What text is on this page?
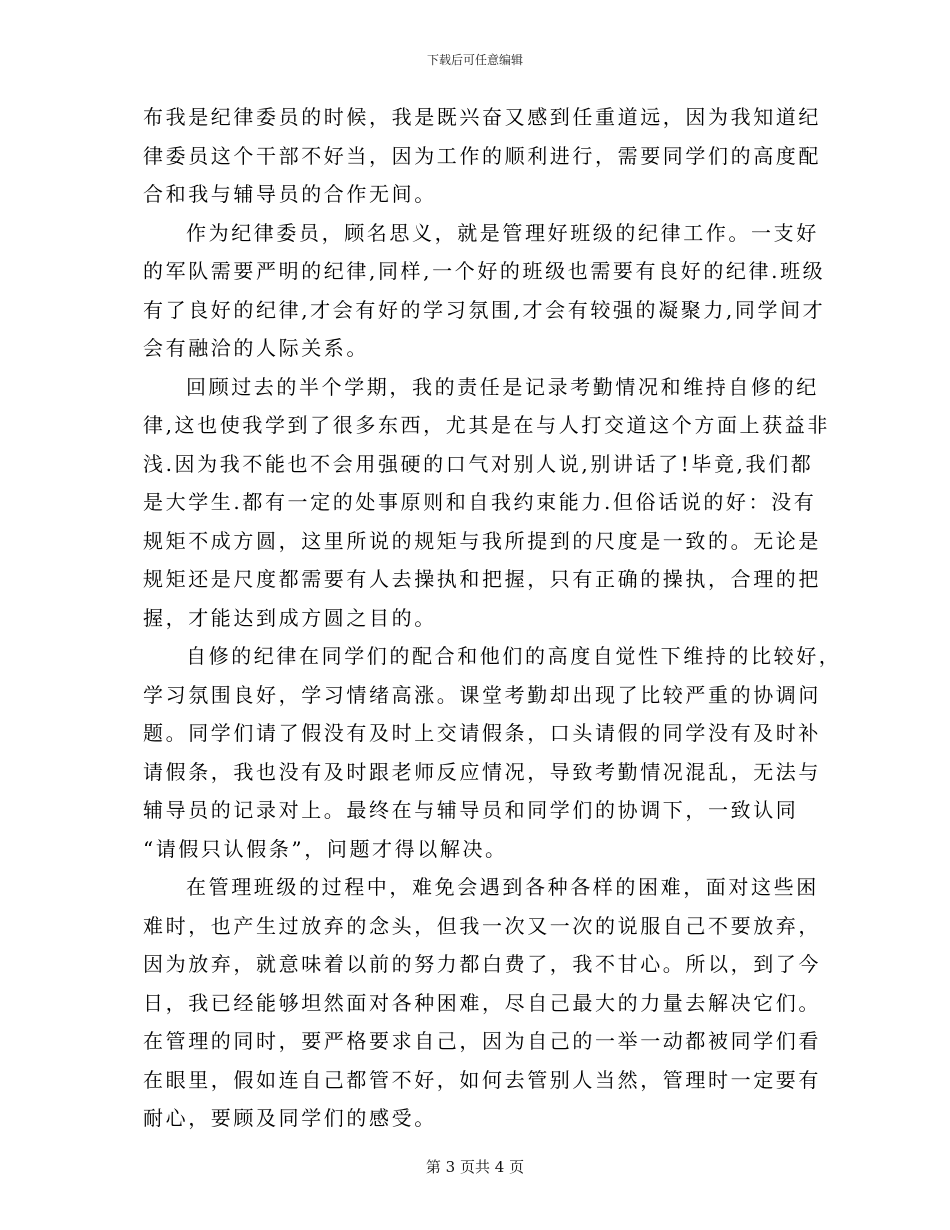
下载后可任意编辑
布我是纪律委员的时候，我是既兴奋又感到任重道远，因为我知道纪
律委员这个干部不好当，因为工作的顺利进行，需要同学们的高度配
合和我与辅导员的合作无间。
作为纪律委员，顾名思义，就是管理好班级的纪律工作。一支好
的军队需要严明的纪律,同样,一个好的班级也需要有良好的纪律.班级
有了良好的纪律,才会有好的学习氛围,才会有较强的凝聚力,同学间才
会有融洽的人际关系。
回顾过去的半个学期，我的责任是记录考勤情况和维持自修的纪
律,这也使我学到了很多东西，尤其是在与人打交道这个方面上获益非
浅.因为我不能也不会用强硬的口气对别人说,别讲话了!毕竟,我们都
是大学生.都有一定的处事原则和自我约束能力.但俗话说的好：没有
规矩不成方圆，这里所说的规矩与我所提到的尺度是一致的。无论是
规矩还是尺度都需要有人去操执和把握，只有正确的操执，合理的把
握，才能达到成方圆之目的。
自修的纪律在同学们的配合和他们的高度自觉性下维持的比较好，
学习氛围良好，学习情绪高涨。课堂考勤却出现了比较严重的协调问
题。同学们请了假没有及时上交请假条，口头请假的同学没有及时补
请假条，我也没有及时跟老师反应情况，导致考勤情况混乱，无法与
辅导员的记录对上。最终在与辅导员和同学们的协调下，一致认同
“请假只认假条”，问题才得以解决。
在管理班级的过程中，难免会遇到各种各样的困难，面对这些困
难时，也产生过放弃的念头，但我一次又一次的说服自己不要放弃，
因为放弃，就意味着以前的努力都白费了，我不甘心。所以，到了今
日，我已经能够坦然面对各种困难，尽自己最大的力量去解决它们。
在管理的同时，要严格要求自己，因为自己的一举一动都被同学们看
在眼里，假如连自己都管不好，如何去管别人当然，管理时一定要有
耐心，要顾及同学们的感受。
第 3 页共 4 页
